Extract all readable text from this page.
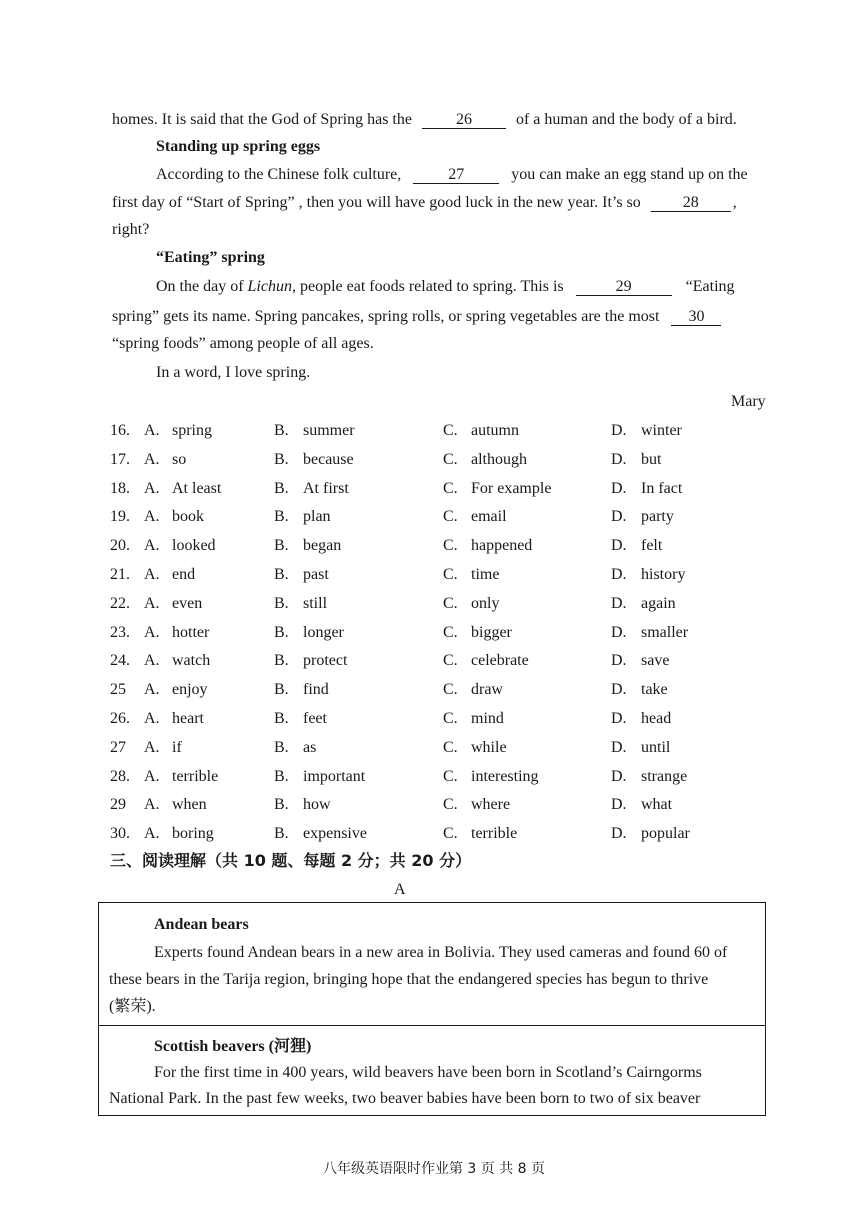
homes. It is said that the God of Spring has the	26	of a human and the body of a bird.
Standing up spring eggs
According to the Chinese folk culture,	27	you can make an egg stand up on the
first day of “Start of Spring” , then you will have good luck in the new year. It’s so	28 ,
right?
“Eating” spring
On the day of Lichun, people eat foods related to spring. This is	29	“Eating
spring” gets its name. Spring pancakes, spring rolls, or spring vegetables are the most 30
“spring foods” among people of all ages.
In a word, I love spring.
Mary
16. A. spring	B. summer	C. autumn	D. winter
17. A. so	B. because	C. although	D. but
18. A. At least	B. At first	C. For example	D. In fact
19. A. book	B. plan	C. email	D. party
20. A. looked	B. began	C. happened	D. felt
21. A. end	B. past	C. time	D. history
22. A. even	B. still	C. only	D. again
23. A. hotter	B. longer	C. bigger	D. smaller
24. A. watch	B. protect	C. celebrate	D. save
25 A. enjoy	B. find	C. draw	D. take
26. A. heart	B. feet	C. mind	D. head
27 A. if	B. as	C. while	D. until
28. A. terrible	B. important	C. interesting	D. strange
29 A. when	B. how	C. where	D. what
30. A. boring	B. expensive	C. terrible	D. popular
三、阅读理解（共 10 题、每题 2 分；共 20 分）
A
Andean bears
Experts found Andean bears in a new area in Bolivia. They used cameras and found 60 of
these bears in the Tarija region, bringing hope that the endangered species has begun to thrive
(繁荣).
Scottish beavers (河狸)
For the first time in 400 years, wild beavers have been born in Scotland’s Cairngorms
National Park. In the past few weeks, two beaver babies have been born to two of six beaver
八年级英语限时作业第 3 页 共 8 页
